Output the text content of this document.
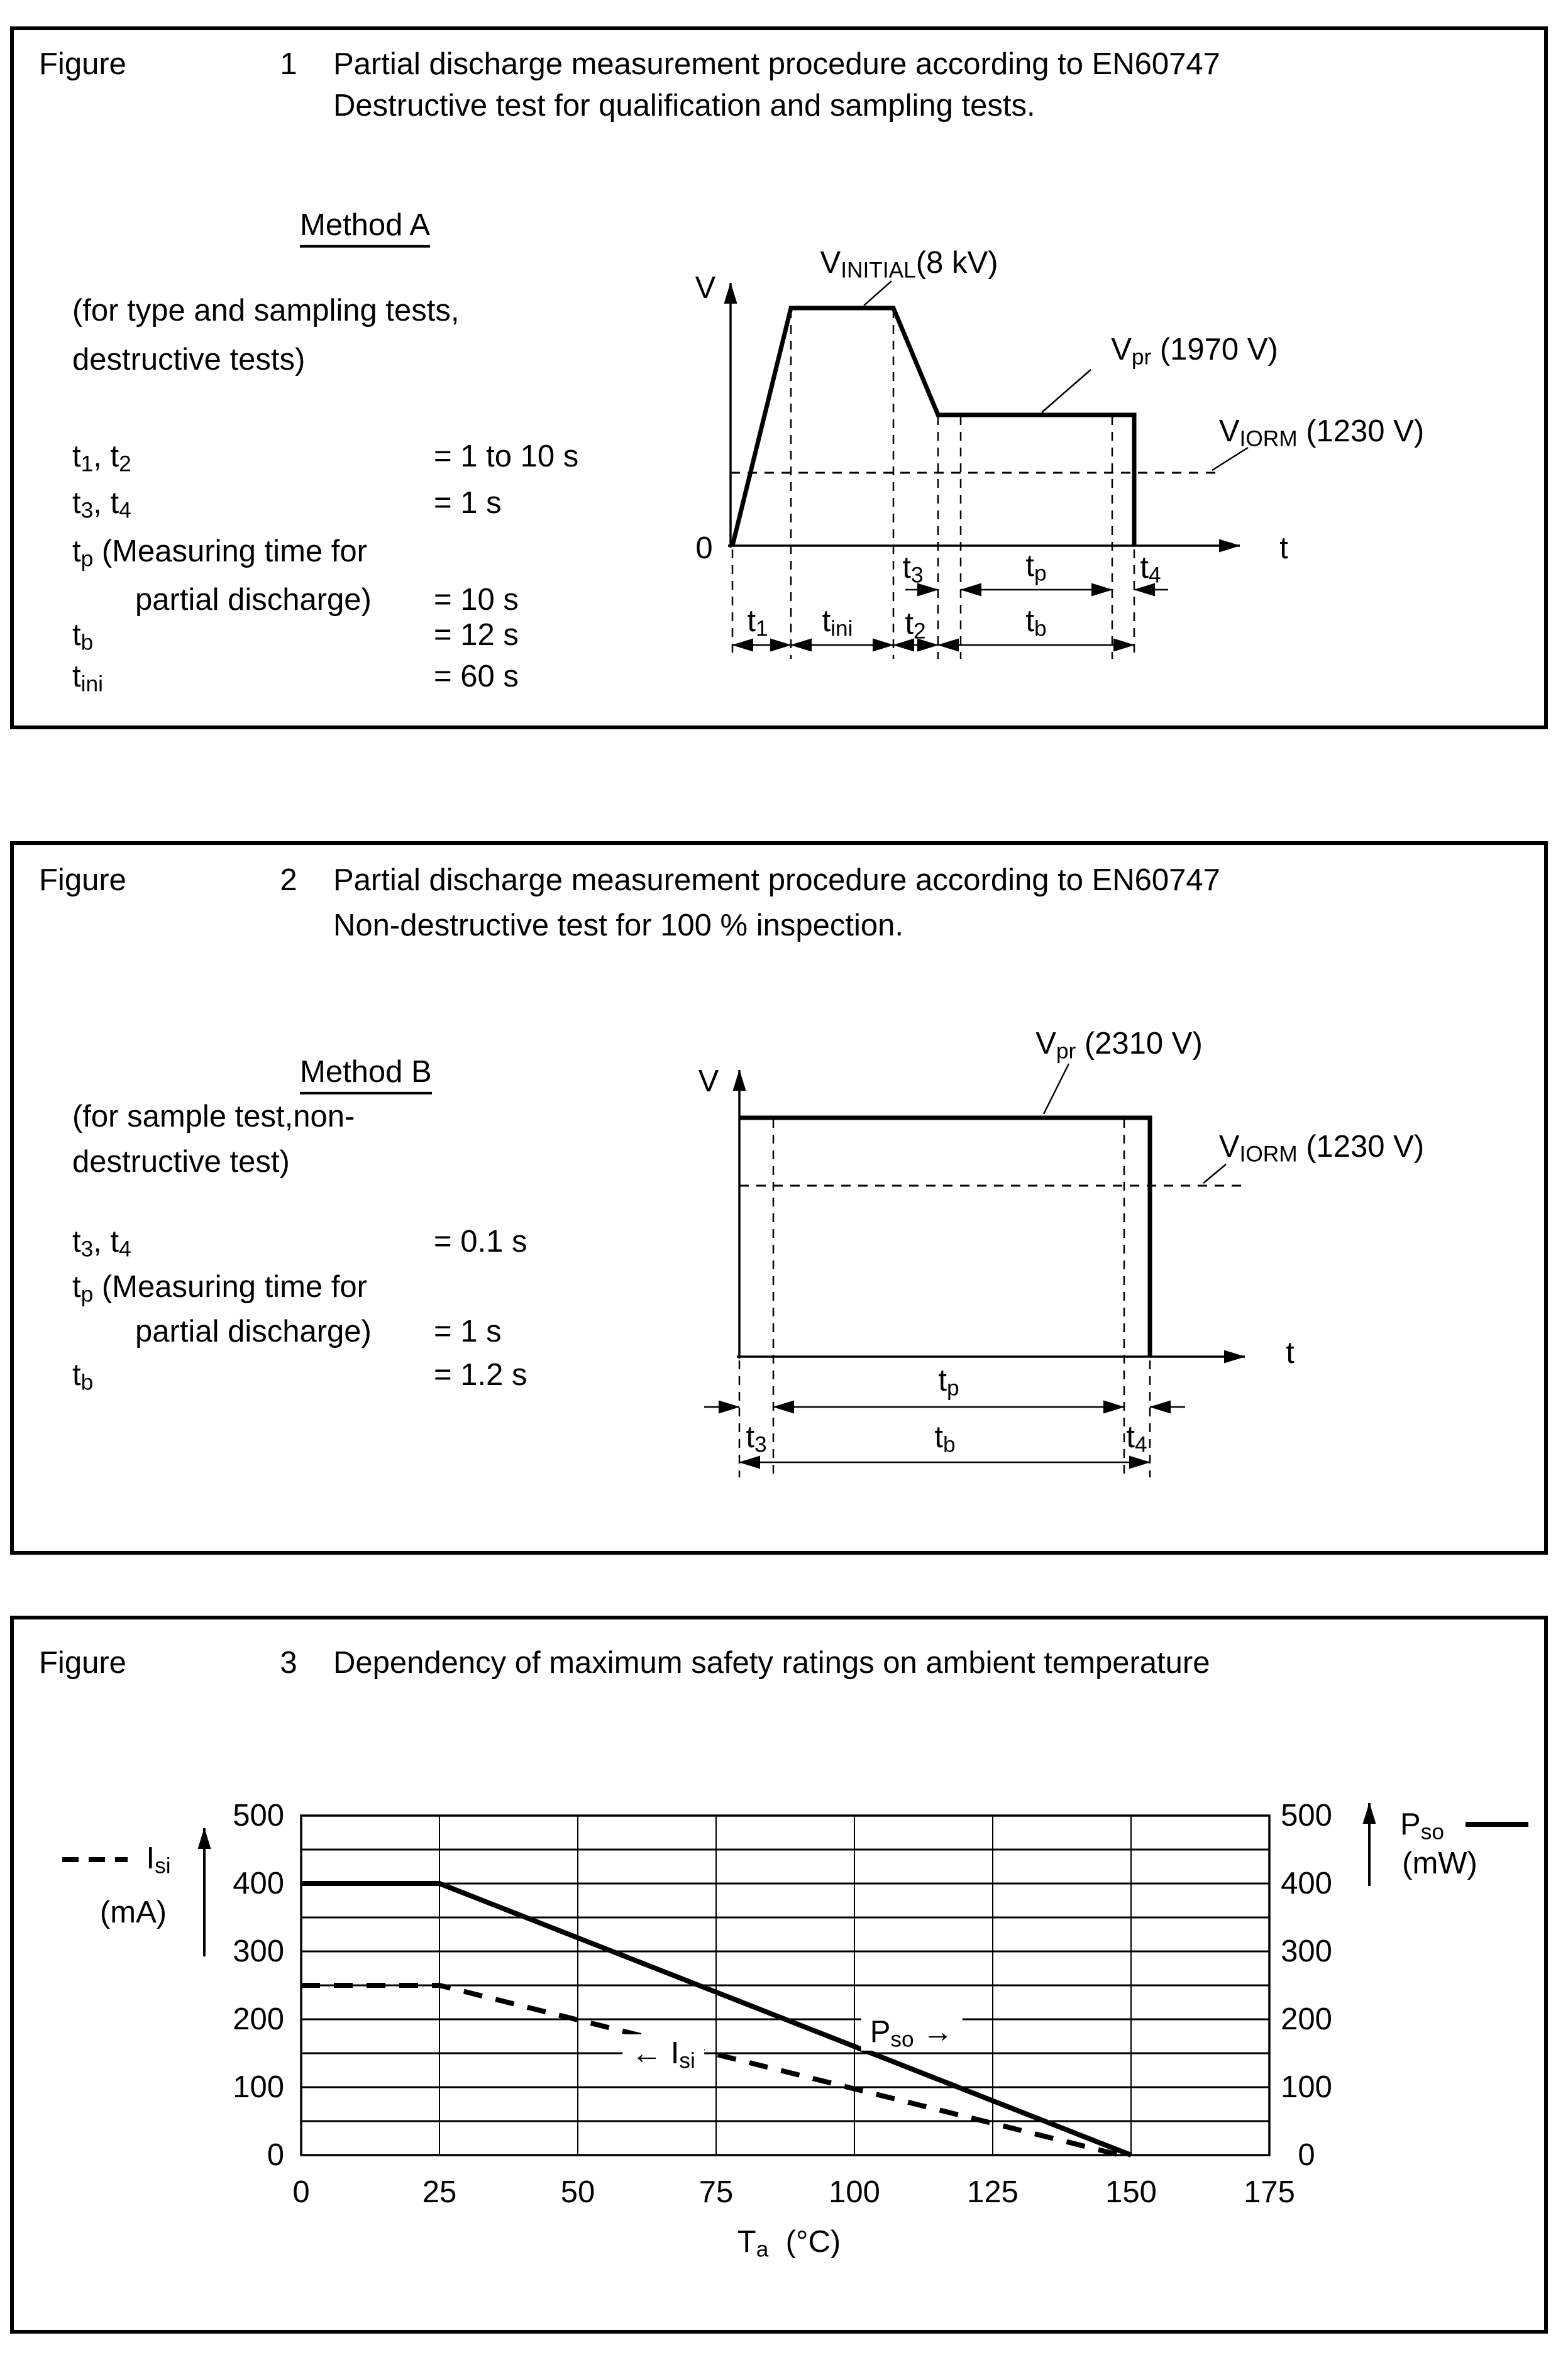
Figure	1 Partial discharge measurement procedure according to EN60747
Destructive test for qualification and sampling tests.
Method A
(for type and sampling tests,
destructive tests)
V
0	t
$V_{INITIAL}(8$ kV)
$V_{pr}$ (1970 V)
$V_{IORM}$ (1230 V)
$t_3$	$t_p$	$t_4$
$t_1$ $t_{ini}$ $t_2$	$t_b$
Figure	2 Partial discharge measurement procedure according to EN60747
Non-destructive test for 100 % inspection.
Method B
(for sample test,non-
destructive test)
V
t
$V_{pr}$ (2310 V)
$V_{IORM}$ (1230 V)
$t_p$
$t_3$	$t_b$	$t_4$
Figure	3 Dependency of maximum safety ratings on ambient temperature
$I_{si}$
(mA)
$P_{so}$
(mW)
← $I_{si}$
$P_{so}$ →
$T_a$  (°C)
$t_1$, $t_2$	= 1 to 10 s
$t_3$, $t_4$	= 1 s
$t_p$ (Measuring time for
partial discharge) = 10 s
$t_b$	= 12 s
$t_{ini}$	= 60 s
$t_3$, $t_4$	= 0.1 s
$t_p$ (Measuring time for
partial discharge) = 1 s
$t_b$	= 1.2 s
0	25	50	75	100	125	150	175
0	0
100	100
200	200
300	300
400	400
500	500
